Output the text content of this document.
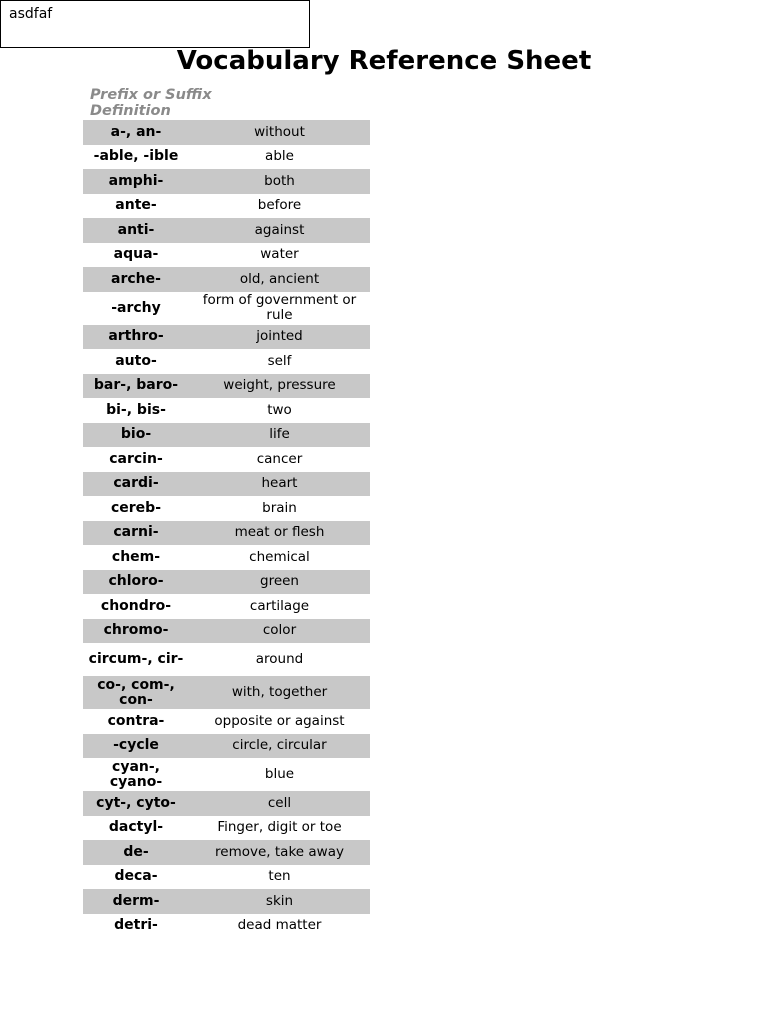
asdfaf
Vocabulary Reference Sheet
Prefix or Suffix
Definition
a-, an-	without
-able, -ible	able
amphi-	both
ante-	before
anti-	against
aqua-	water
arche-	old, ancient
-archy	form of government or rule
arthro-	jointed
auto-	self
bar-, baro-	weight, pressure
bi-, bis-	two
bio-	life
carcin-	cancer
cardi-	heart
cereb-	brain
carni-	meat or flesh
chem-	chemical
chloro-	green
chondro-	cartilage
chromo-	color
circum-, cir-	around
co-, com-, con-	with, together
contra-	opposite or against
-cycle	circle, circular
cyan-, cyano-	blue
cyt-, cyto-	cell
dactyl-	Finger, digit or toe
de-	remove, take away
deca-	ten
derm-	skin
detri-	dead matter
